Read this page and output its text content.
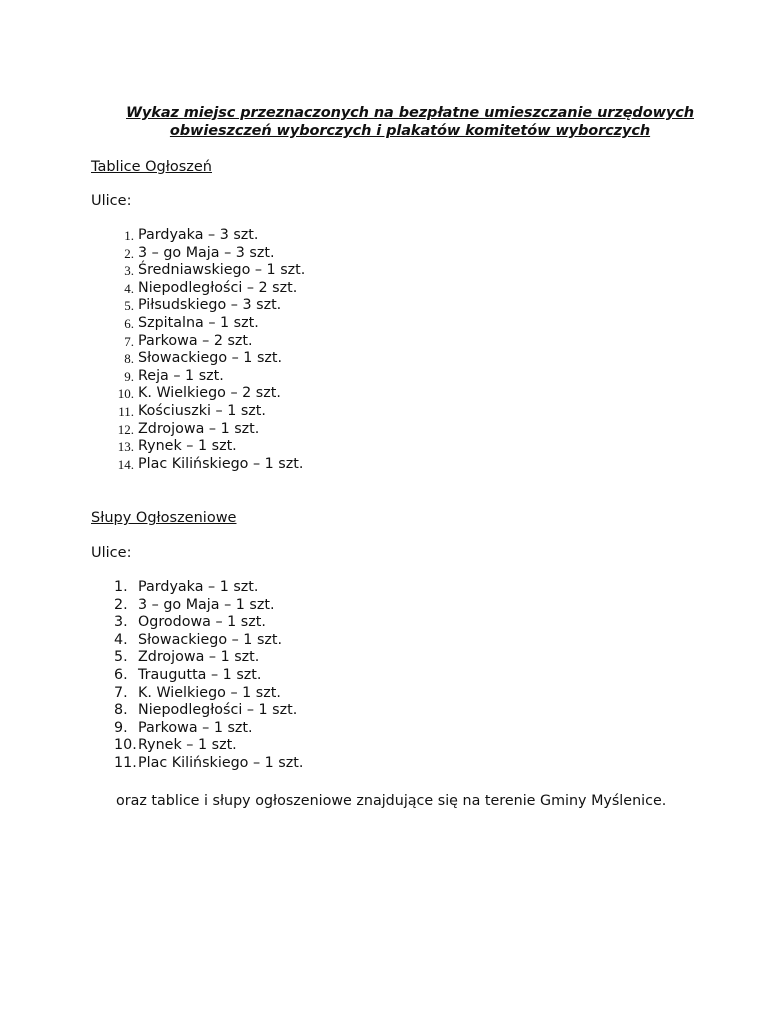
Wykaz miejsc przeznaczonych na bezpłatne umieszczanie urzędowych
obwieszczeń wyborczych i plakatów komitetów wyborczych
Tablice Ogłoszeń
Ulice:
1. Pardyaka – 3 szt.
2. 3 – go Maja – 3 szt.
3. Średniawskiego – 1 szt.
4. Niepodległości – 2 szt.
5. Piłsudskiego – 3 szt.
6. Szpitalna – 1 szt.
7. Parkowa – 2 szt.
8. Słowackiego – 1 szt.
9. Reja – 1 szt.
10. K. Wielkiego – 2 szt.
11. Kościuszki – 1 szt.
12. Zdrojowa – 1 szt.
13. Rynek – 1 szt.
14. Plac Kilińskiego – 1 szt.
Słupy Ogłoszeniowe
Ulice:
1. Pardyaka – 1 szt.
2. 3 – go Maja – 1 szt.
3. Ogrodowa – 1 szt.
4. Słowackiego – 1 szt.
5. Zdrojowa – 1 szt.
6. Traugutta – 1 szt.
7. K. Wielkiego – 1 szt.
8. Niepodległości – 1 szt.
9. Parkowa – 1 szt.
10. Rynek – 1 szt.
11. Plac Kilińskiego – 1 szt.
oraz tablice i słupy ogłoszeniowe znajdujące się na terenie Gminy Myślenice.
